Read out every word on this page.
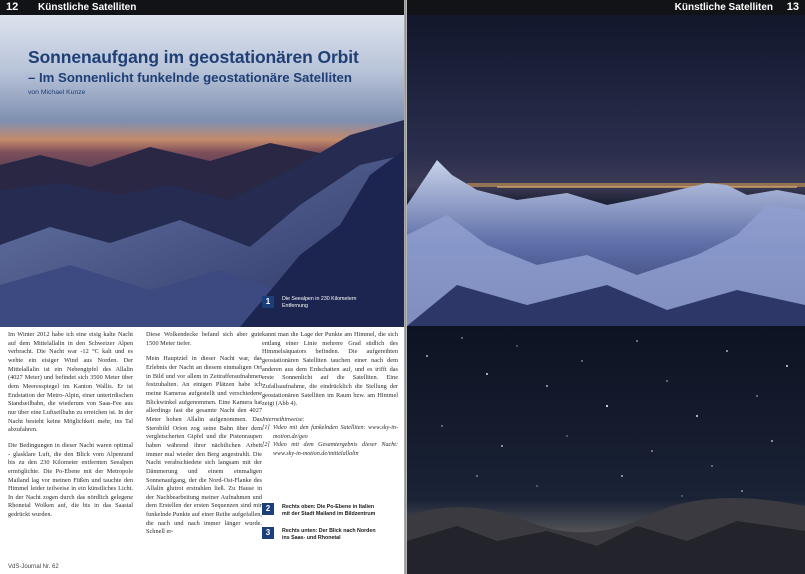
12 Künstliche Satelliten
Sonnenaufgang im geostationären Orbit
– Im Sonnenlicht funkelnde geostationäre Satelliten

von Michael Kunze

1	Die Seealpen in 230 Kilometern
Entfernung

Im Winter 2012 habe ich eine eisig kalte Nacht auf dem Mittelallalin in den Schweizer Alpen verbracht. Die Nacht war -12 °C kalt und es wehte ein eisiger Wind aus Norden. Der Mittelallalin ist ein Nebengipfel des Allalin (4027 Meter) und befindet sich 3500 Meter über dem Meeresspiegel im Kanton Wallis. Er ist Endstation der Metro-Alpin, einer unterirdischen Standseilbahn, die wiederum von Saas-Fee aus nur über eine Luftseilbahn zu erreichen ist. In der Nacht besteht keine Möglichkeit mehr, ins Tal abzufahren.

Die Bedingungen in dieser Nacht waren optimal - glasklare Luft, die den Blick vom Alpenrand bis zu den 230 Kilometer entfernten Seealpen ermöglichte. Die Po-Ebene mit der Metropole Mailand lag vor meinen Füßen und tauchte den Himmel leider teilweise in ein künstliches Licht. In der Nacht zogen durch das nördlich gelegene Rhonetal Wolken auf, die bis in das Saastal gedrückt wurden.

Diese Wolkendecke befand sich aber gute 1500 Meter tiefer.

Mein Hauptziel in dieser Nacht war, das Erlebnis der Nacht an diesem einmaligen Ort in Bild und vor allem in Zeitrafferaufnahmen festzuhalten. An einigen Plätzen habe ich meine Kameras aufgestellt und verschiedene Blickwinkel aufgenommen. Eine Kamera hat allerdings fast die gesamte Nacht den 4027 Meter hohen Allalin aufgenommen. Das Sternbild Orion zog seine Bahn über dem vergletscherten Gipfel und die Pistenraupen haben während ihrer nächtlichen Arbeit immer mal wieder den Berg angestrahlt. Die Nacht verabschiedete sich langsam mit der Dämmerung und einem einmaligen Sonnenaufgang, der die Nord-Ost-Flanke des Allalin glutrot erstrahlen ließ. Zu Hause in der Nachbearbeitung meiner Aufnahmen und dem Erstellen der ersten Sequenzen sind mir funkelnde Punkte auf einer Reihe aufgefallen, die nach und nach immer länger wurde. Schnell er-

kannt man die Lage der Punkte am Himmel, die sich entlang einer Linie mehrere Grad südlich des Himmelsäquators befinden. Die aufgereihten geostationären Satelliten tauchen einer nach dem anderen aus dem Erdschatten auf, und es trifft das erste Sonnenlicht auf die Satelliten. Eine Zufallsaufnahme, die eindrücklich die Stellung der geostationären Satelliten im Raum bzw. am Himmel zeigt (Abb 4).

Internethinweise:

[1] Video mit den funkelnden Satelliten: www.sky-in-motion.de/geo
[2] Video mit dem Gesamtergebnis dieser Nacht: www.sky-in-motion.de/mittelallalin
2	Rechts oben: Die Po-Ebene in Italien
mit der Stadt Mailand im Bildzentrum
3	Rechts unten: Der Blick nach Norden
ins Saas- und Rhonetal
VdS-Journal Nr. 62
Künstliche Satelliten 13
